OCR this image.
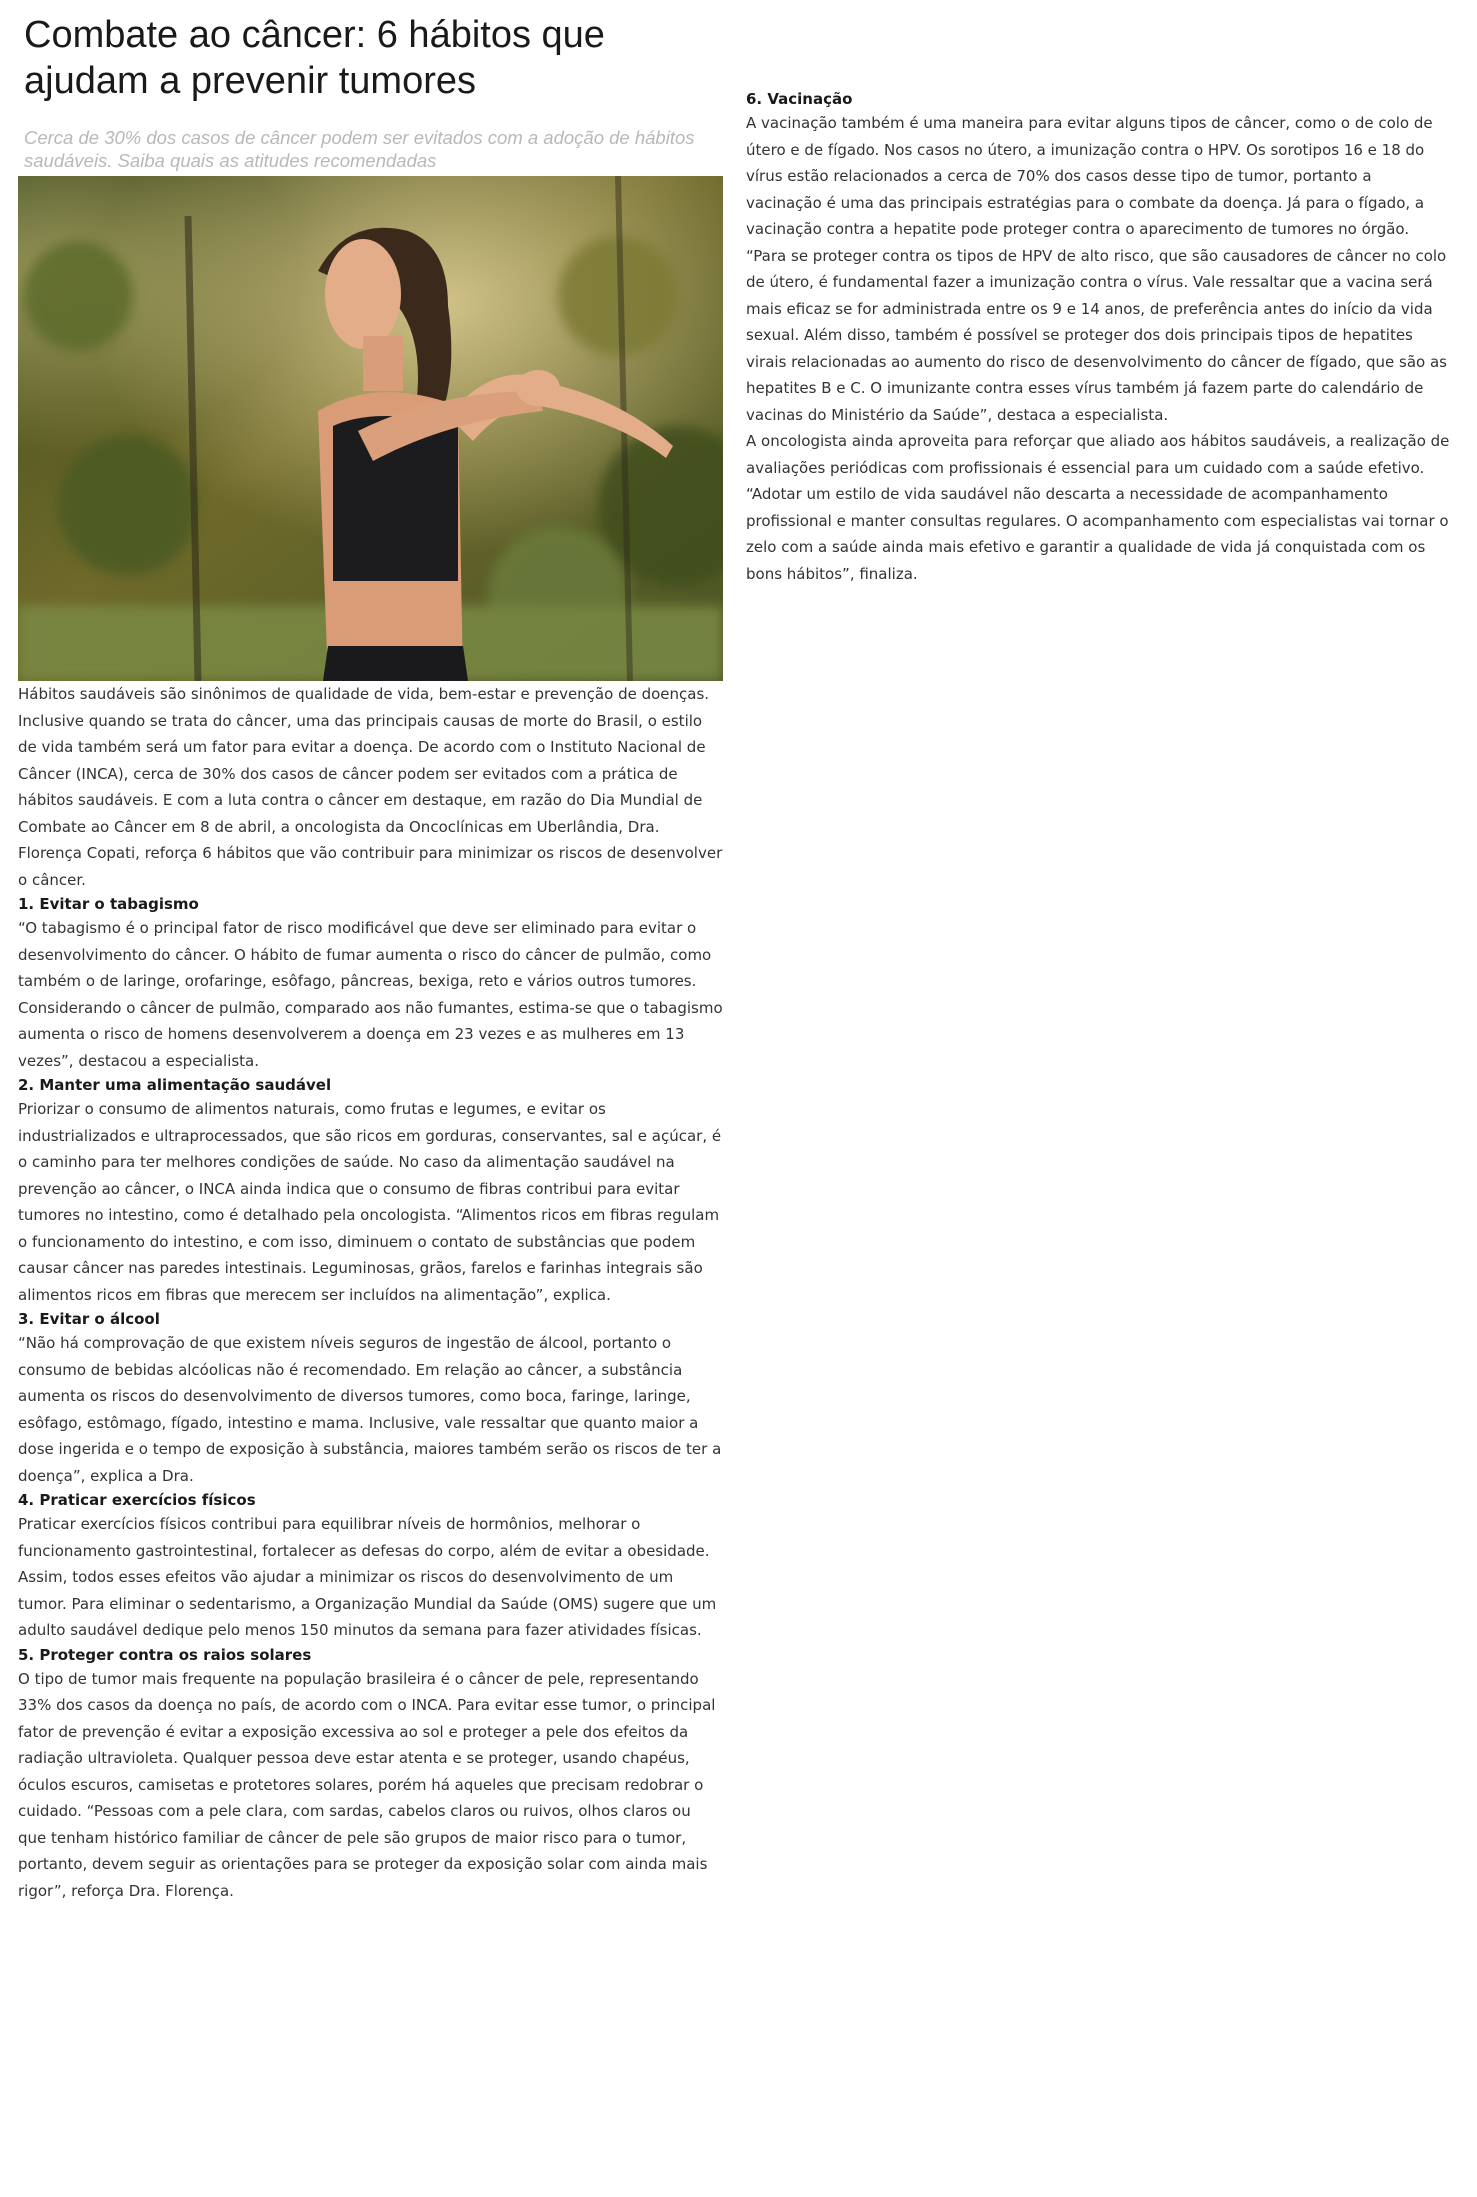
Combate ao câncer: 6 hábitos que ajudam a prevenir tumores
Cerca de 30% dos casos de câncer podem ser evitados com a adoção de hábitos saudáveis. Saiba quais as atitudes recomendadas

Hábitos saudáveis são sinônimos de qualidade de vida, bem-estar e prevenção de doenças. Inclusive quando se trata do câncer, uma das principais causas de morte do Brasil, o estilo de vida também será um fator para evitar a doença. De acordo com o Instituto Nacional de Câncer (INCA), cerca de 30% dos casos de câncer podem ser evitados com a prática de hábitos saudáveis. E com a luta contra o câncer em destaque, em razão do Dia Mundial de Combate ao Câncer em 8 de abril, a oncologista da Oncoclínicas em Uberlândia, Dra. Florença Copati, reforça 6 hábitos que vão contribuir para minimizar os riscos de desenvolver o câncer.

1. Evitar o tabagismo

“O tabagismo é o principal fator de risco modificável que deve ser eliminado para evitar o desenvolvimento do câncer. O hábito de fumar aumenta o risco do câncer de pulmão, como também o de laringe, orofaringe, esôfago, pâncreas, bexiga, reto e vários outros tumores. Considerando o câncer de pulmão, comparado aos não fumantes, estima-se que o tabagismo aumenta o risco de homens desenvolverem a doença em 23 vezes e as mulheres em 13 vezes”, destacou a especialista.

2. Manter uma alimentação saudável

Priorizar o consumo de alimentos naturais, como frutas e legumes, e evitar os industrializados e ultraprocessados, que são ricos em gorduras, conservantes, sal e açúcar, é o caminho para ter melhores condições de saúde. No caso da alimentação saudável na prevenção ao câncer, o INCA ainda indica que o consumo de fibras contribui para evitar tumores no intestino, como é detalhado pela oncologista. “Alimentos ricos em fibras regulam o funcionamento do intestino, e com isso, diminuem o contato de substâncias que podem causar câncer nas paredes intestinais. Leguminosas, grãos, farelos e farinhas integrais são alimentos ricos em fibras que merecem ser incluídos na alimentação”, explica.

3. Evitar o álcool

“Não há comprovação de que existem níveis seguros de ingestão de álcool, portanto o consumo de bebidas alcóolicas não é recomendado. Em relação ao câncer, a substância aumenta os riscos do desenvolvimento de diversos tumores, como boca, faringe, laringe, esôfago, estômago, fígado, intestino e mama. Inclusive, vale ressaltar que quanto maior a dose ingerida e o tempo de exposição à substância, maiores também serão os riscos de ter a doença”, explica a Dra.

4. Praticar exercícios físicos

Praticar exercícios físicos contribui para equilibrar níveis de hormônios, melhorar o funcionamento gastrointestinal, fortalecer as defesas do corpo, além de evitar a obesidade. Assim, todos esses efeitos vão ajudar a minimizar os riscos do desenvolvimento de um tumor. Para eliminar o sedentarismo, a Organização Mundial da Saúde (OMS) sugere que um adulto saudável dedique pelo menos 150 minutos da semana para fazer atividades físicas.

5. Proteger contra os raios solares

O tipo de tumor mais frequente na população brasileira é o câncer de pele, representando 33% dos casos da doença no país, de acordo com o INCA. Para evitar esse tumor, o principal fator de prevenção é evitar a exposição excessiva ao sol e proteger a pele dos efeitos da radiação ultravioleta. Qualquer pessoa deve estar atenta e se proteger, usando chapéus, óculos escuros, camisetas e protetores solares, porém há aqueles que precisam redobrar o cuidado. “Pessoas com a pele clara, com sardas, cabelos claros ou ruivos, olhos claros ou que tenham histórico familiar de câncer de pele são grupos de maior risco para o tumor, portanto, devem seguir as orientações para se proteger da exposição solar com ainda mais rigor”, reforça Dra. Florença.

6. Vacinação

A vacinação também é uma maneira para evitar alguns tipos de câncer, como o de colo de útero e de fígado. Nos casos no útero, a imunização contra o HPV. Os sorotipos 16 e 18 do vírus estão relacionados a cerca de 70% dos casos desse tipo de tumor, portanto a vacinação é uma das principais estratégias para o combate da doença. Já para o fígado, a vacinação contra a hepatite pode proteger contra o aparecimento de tumores no órgão.

“Para se proteger contra os tipos de HPV de alto risco, que são causadores de câncer no colo de útero, é fundamental fazer a imunização contra o vírus. Vale ressaltar que a vacina será mais eficaz se for administrada entre os 9 e 14 anos, de preferência antes do início da vida sexual. Além disso, também é possível se proteger dos dois principais tipos de hepatites virais relacionadas ao aumento do risco de desenvolvimento do câncer de fígado, que são as hepatites B e C. O imunizante contra esses vírus também já fazem parte do calendário de vacinas do Ministério da Saúde”, destaca a especialista.

A oncologista ainda aproveita para reforçar que aliado aos hábitos saudáveis, a realização de avaliações periódicas com profissionais é essencial para um cuidado com a saúde efetivo. “Adotar um estilo de vida saudável não descarta a necessidade de acompanhamento profissional e manter consultas regulares. O acompanhamento com especialistas vai tornar o zelo com a saúde ainda mais efetivo e garantir a qualidade de vida já conquistada com os bons hábitos”, finaliza.
